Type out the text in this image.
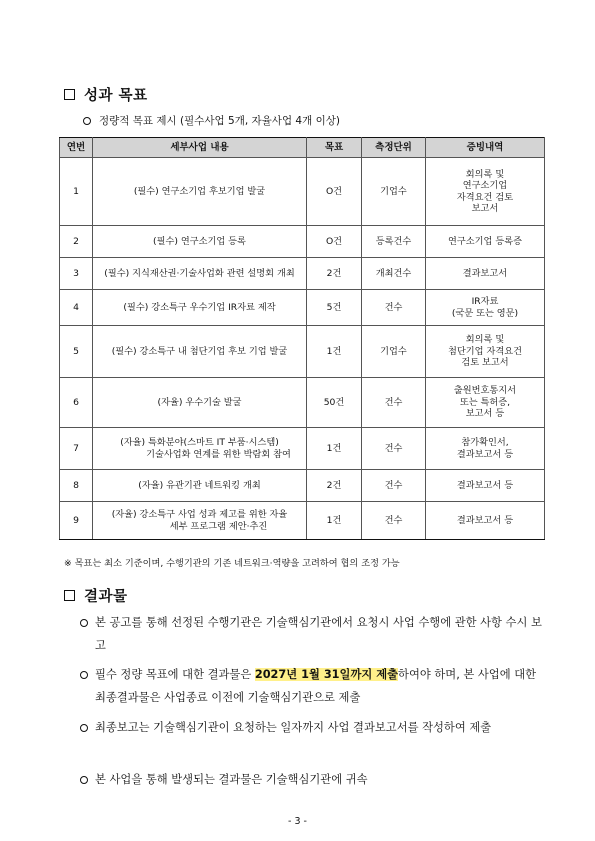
성과 목표
정량적 목표 제시 (필수사업 5개, 자율사업 4개 이상)
연번	세부사업 내용	목표	측정단위	증빙내역
1	(필수) 연구소기업 후보기업 발굴	O건	기업수	회의록 및
연구소기업
자격요건 검토
보고서

2	(필수) 연구소기업 등록	O건	등록건수	연구소기업 등록증

3	(필수) 지식재산권·기술사업화 관련 설명회 개최	2건	개최건수	결과보고서

4	(필수) 강소특구 우수기업 IR자료 제작	5건	건수	IR자료
(국문 또는 영문)

5	(필수) 강소특구 내 첨단기업 후보 기업 발굴	1건	기업수	회의록 및
첨단기업 자격요건
검토 보고서

6	(자율) 우수기술 발굴	50건	건수	출원번호통지서
또는 특허증,
보고서 등

7	(자율) 특화분야(스마트 IT 부품·시스템)
기술사업화 연계를 위한 박람회 참여	1건	건수	참가확인서,
결과보고서 등

8	(자율) 유관기관 네트워킹 개최	2건	건수	결과보고서 등

9	(자율) 강소특구 사업 성과 제고를 위한 자율
세부 프로그램 제안·추진	1건	건수	결과보고서 등
※ 목표는 최소 기준이며, 수행기관의 기존 네트워크·역량을 고려하여 협의 조정 가능
결과물
본 공고를 통해 선정된 수행기관은 기술핵심기관에서 요청시 사업 수행에 관한 사항 수시 보고
필수 정량 목표에 대한 결과물은 2027년 1월 31일까지 제출하여야 하며, 본 사업에 대한 최종결과물은 사업종료 이전에 기술핵심기관으로 제출
최종보고는 기술핵심기관이 요청하는 일자까지 사업 결과보고서를 작성하여 제출
본 사업을 통해 발생되는 결과물은 기술핵심기관에 귀속
- 3 -
